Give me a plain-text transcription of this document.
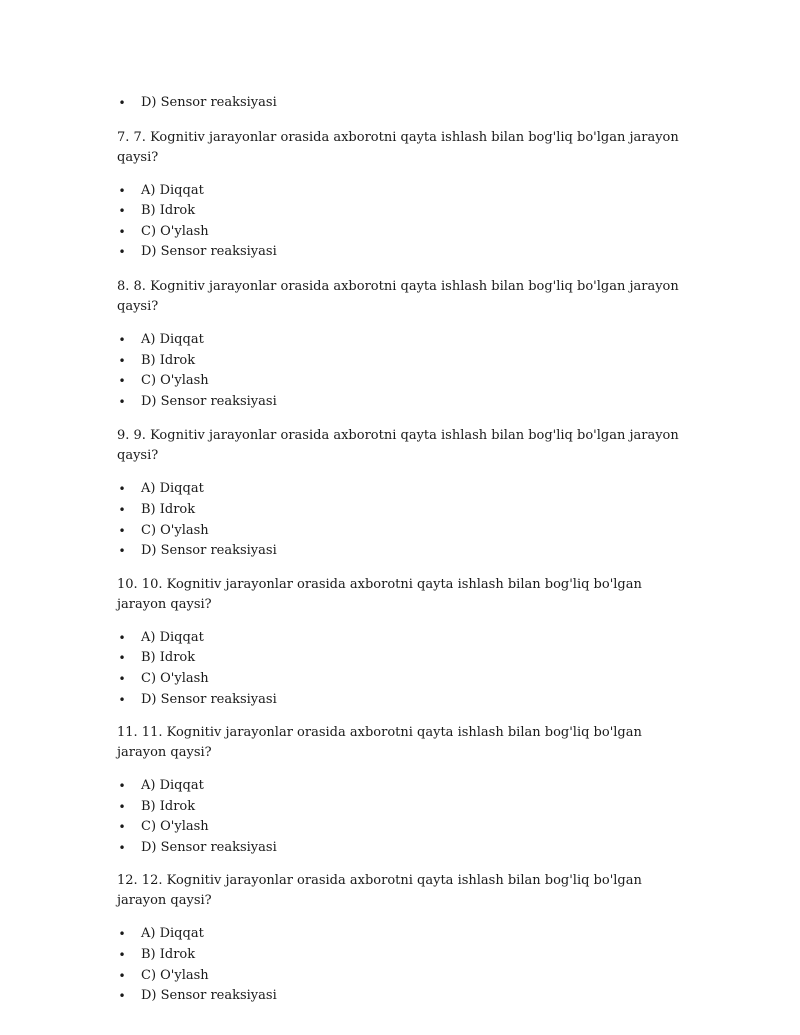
• D) Sensor reaksiyasi

7. 7. Kognitiv jarayonlar orasida axborotni qayta ishlash bilan bog'liq bo'lgan jarayon qaysi?

• A) Diqqat
• B) Idrok
• C) O'ylash
• D) Sensor reaksiyasi

8. 8. Kognitiv jarayonlar orasida axborotni qayta ishlash bilan bog'liq bo'lgan jarayon qaysi?

• A) Diqqat
• B) Idrok
• C) O'ylash
• D) Sensor reaksiyasi

9. 9. Kognitiv jarayonlar orasida axborotni qayta ishlash bilan bog'liq bo'lgan jarayon qaysi?

• A) Diqqat
• B) Idrok
• C) O'ylash
• D) Sensor reaksiyasi

10. 10. Kognitiv jarayonlar orasida axborotni qayta ishlash bilan bog'liq bo'lgan jarayon qaysi?

• A) Diqqat
• B) Idrok
• C) O'ylash
• D) Sensor reaksiyasi

11. 11. Kognitiv jarayonlar orasida axborotni qayta ishlash bilan bog'liq bo'lgan jarayon qaysi?

• A) Diqqat
• B) Idrok
• C) O'ylash
• D) Sensor reaksiyasi

12. 12. Kognitiv jarayonlar orasida axborotni qayta ishlash bilan bog'liq bo'lgan jarayon qaysi?

• A) Diqqat
• B) Idrok
• C) O'ylash
• D) Sensor reaksiyasi
